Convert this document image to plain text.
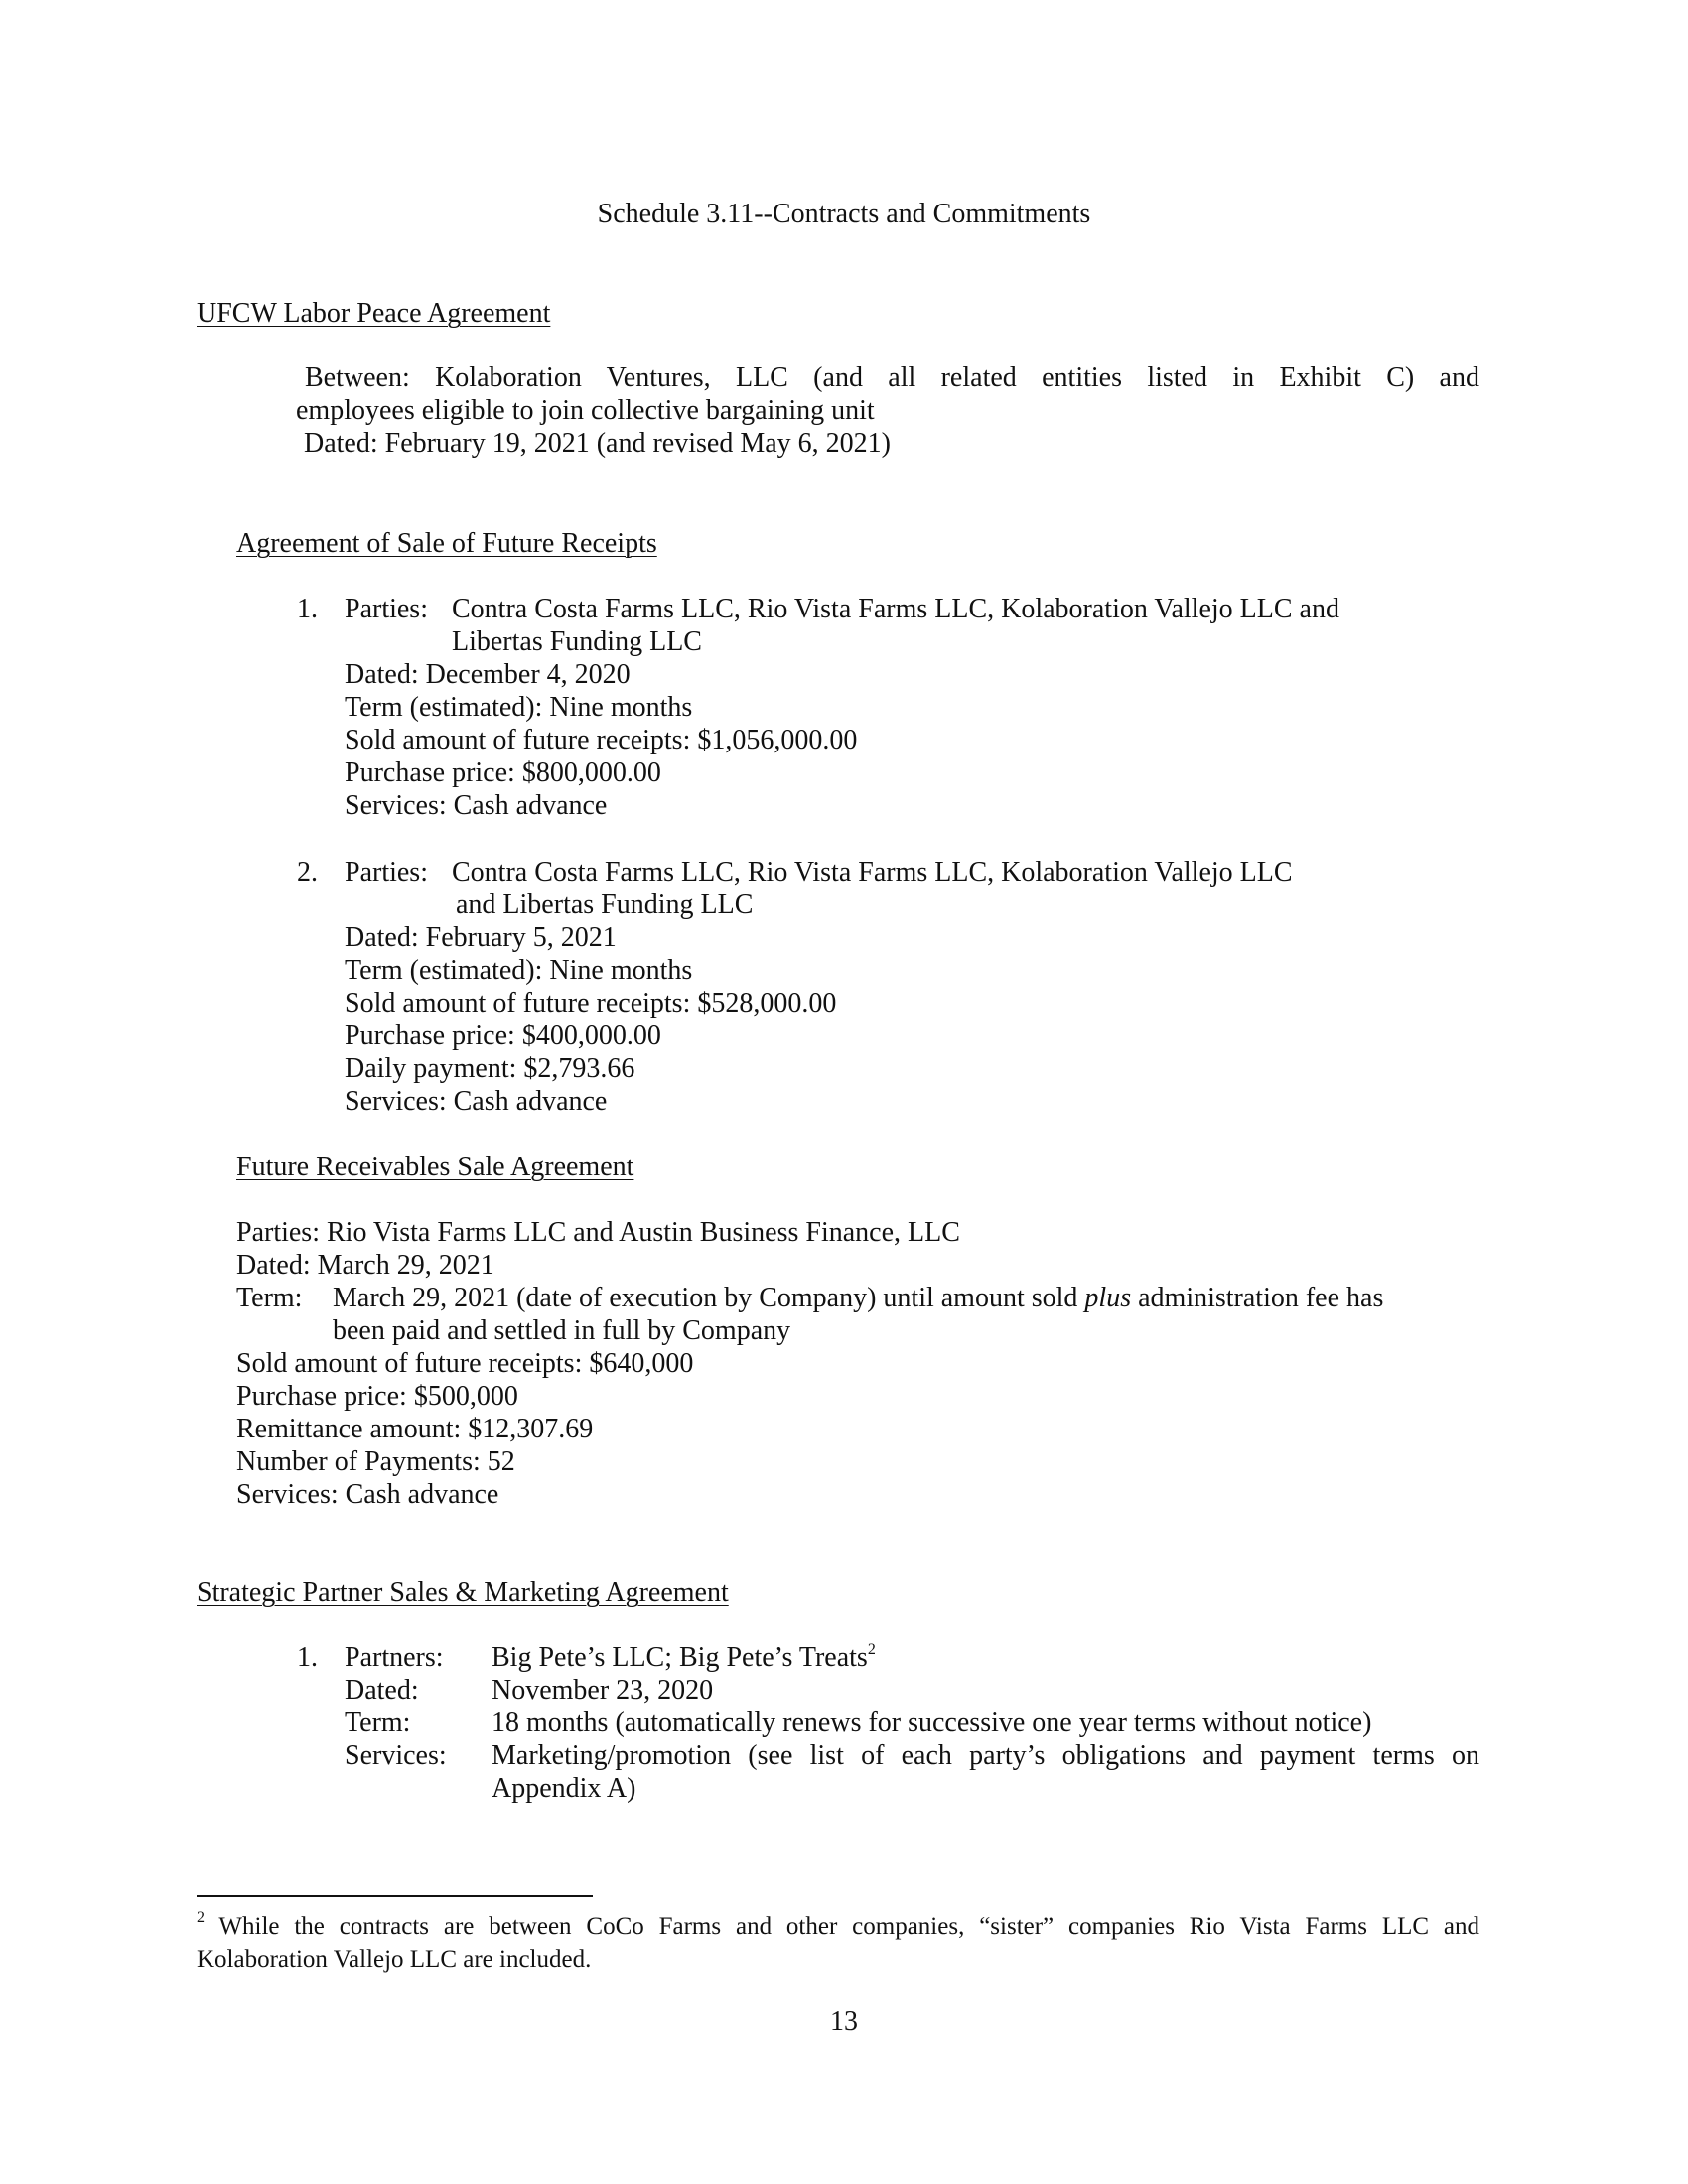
Schedule 3.11--Contracts and Commitments
UFCW Labor Peace Agreement
Between: Kolaboration Ventures, LLC (and all related entities listed in Exhibit C) and
employees eligible to join collective bargaining unit
Dated: February 19, 2021 (and revised May 6, 2021)
Agreement of Sale of Future Receipts
1. Parties: Contra Costa Farms LLC, Rio Vista Farms LLC, Kolaboration Vallejo LLC and
Libertas Funding LLC
Dated: December 4, 2020
Term (estimated): Nine months
Sold amount of future receipts: $1,056,000.00
Purchase price: $800,000.00
Services: Cash advance
2. Parties: Contra Costa Farms LLC, Rio Vista Farms LLC, Kolaboration Vallejo LLC
and Libertas Funding LLC
Dated: February 5, 2021
Term (estimated): Nine months
Sold amount of future receipts: $528,000.00
Purchase price: $400,000.00
Daily payment: $2,793.66
Services: Cash advance
Future Receivables Sale Agreement
Parties: Rio Vista Farms LLC and Austin Business Finance, LLC
Dated: March 29, 2021
Term: March 29, 2021 (date of execution by Company) until amount sold plus administration fee has
been paid and settled in full by Company
Sold amount of future receipts: $640,000
Purchase price: $500,000
Remittance amount: $12,307.69
Number of Payments: 52
Services: Cash advance
Strategic Partner Sales & Marketing Agreement
1. Partners: Big Pete’s LLC; Big Pete’s Treats$^2$
Dated:	November 23, 2020
Term:	18 months (automatically renews for successive one year terms without notice)
Services: Marketing/promotion (see list of each party’s obligations and payment terms on
Appendix A)
$^2$ While the contracts are between CoCo Farms and other companies, “sister” companies Rio Vista Farms LLC and
Kolaboration Vallejo LLC are included.
13
